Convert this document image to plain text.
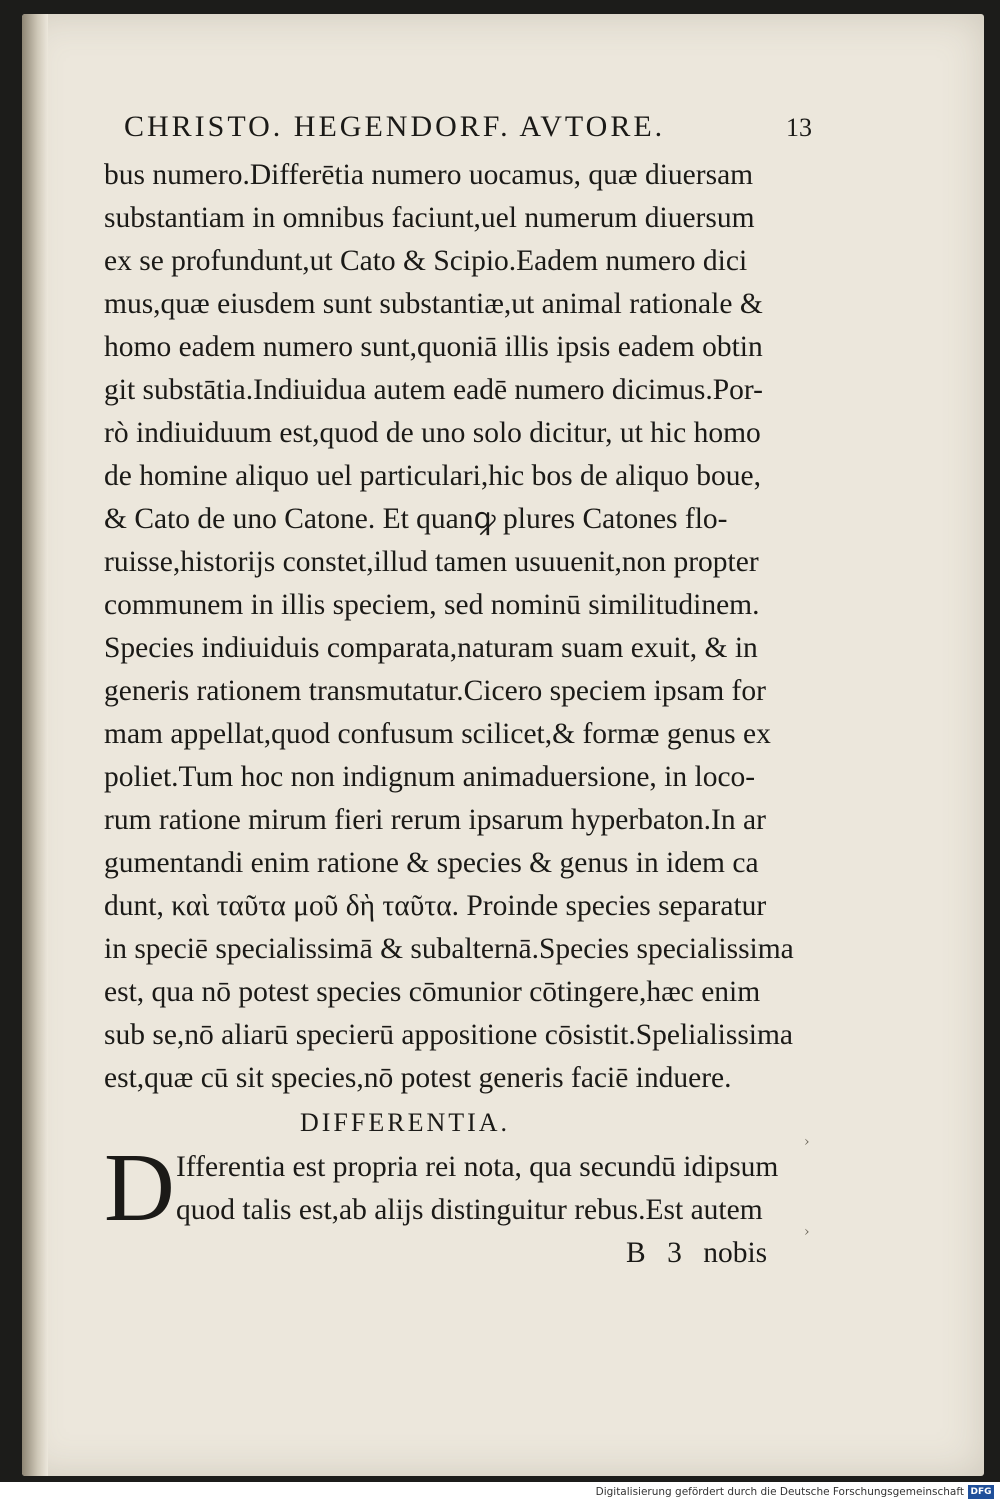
CHRISTO. HEGENDORF. AVTORE.	13
bus numero.Differētia numero uocamus, quæ diuersam
substantiam in omnibus faciunt,uel numerum diuersum
ex se profundunt,ut Cato & Scipio.Eadem numero dici
mus,quæ eiusdem sunt substantiæ,ut animal rationale &
homo eadem numero sunt,quoniā illis ipsis eadem obtin
git substātia.Indiuidua autem eadē numero dicimus.Por-
rò indiuiduum est,quod de uno solo dicitur, ut hic homo
de homine aliquo uel particulari,hic bos de aliquo boue,
& Cato de uno Catone. Et quanꝙ plures Catones flo-
ruisse,historijs constet,illud tamen usuuenit,non propter
communem in illis speciem, sed nominū similitudinem.
Species indiuiduis comparata,naturam suam exuit, & in
generis rationem transmutatur.Cicero speciem ipsam for
mam appellat,quod confusum scilicet,& formæ genus ex
poliet.Tum hoc non indignum animaduersione, in loco-
rum ratione mirum fieri rerum ipsarum hyperbaton.In ar
gumentandi enim ratione & species & genus in idem ca
dunt, καὶ ταῦτα μοῦ δὴ ταῦτα. Proinde species separatur
in speciē specialissimā & subalternā.Species specialissima
est, qua nō potest species cōmunior cōtingere,hæc enim
sub se,nō aliarū specierū appositione cōsistit.Spelialissima
est,quæ cū sit species,nō potest generis faciē induere.
DIFFERENTIA.
D Ifferentia est propria rei nota, qua secundū idipsum
quod talis est,ab alijs distinguitur rebus.Est autem
B 3 nobis
›
›
Digitalisierung gefördert durch die Deutsche Forschungsgemeinschaft DFG
